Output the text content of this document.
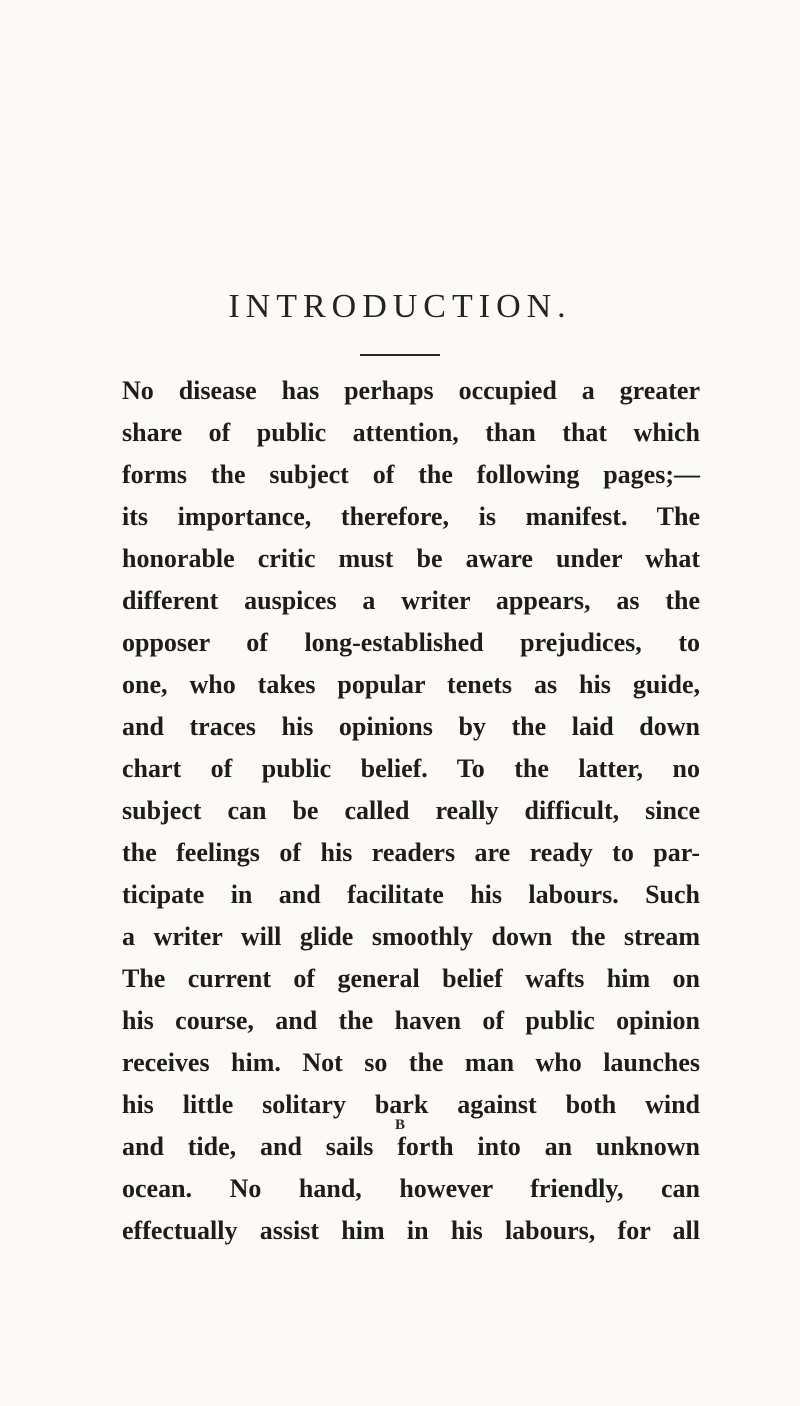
INTRODUCTION.
No disease has perhaps occupied a greater
share of public attention, than that which
forms the subject of the following pages;—
its importance, therefore, is manifest. The
honorable critic must be aware under what
different auspices a writer appears, as the
opposer of long-established prejudices, to
one, who takes popular tenets as his guide,
and traces his opinions by the laid down
chart of public belief. To the latter, no
subject can be called really difficult, since
the feelings of his readers are ready to par-
ticipate in and facilitate his labours. Such
a writer will glide smoothly down the stream
The current of general belief wafts him on
his course, and the haven of public opinion
receives him. Not so the man who launches
his little solitary bark against both wind
and tide, and sails forth into an unknown
ocean. No hand, however friendly, can
effectually assist him in his labours, for all
B
